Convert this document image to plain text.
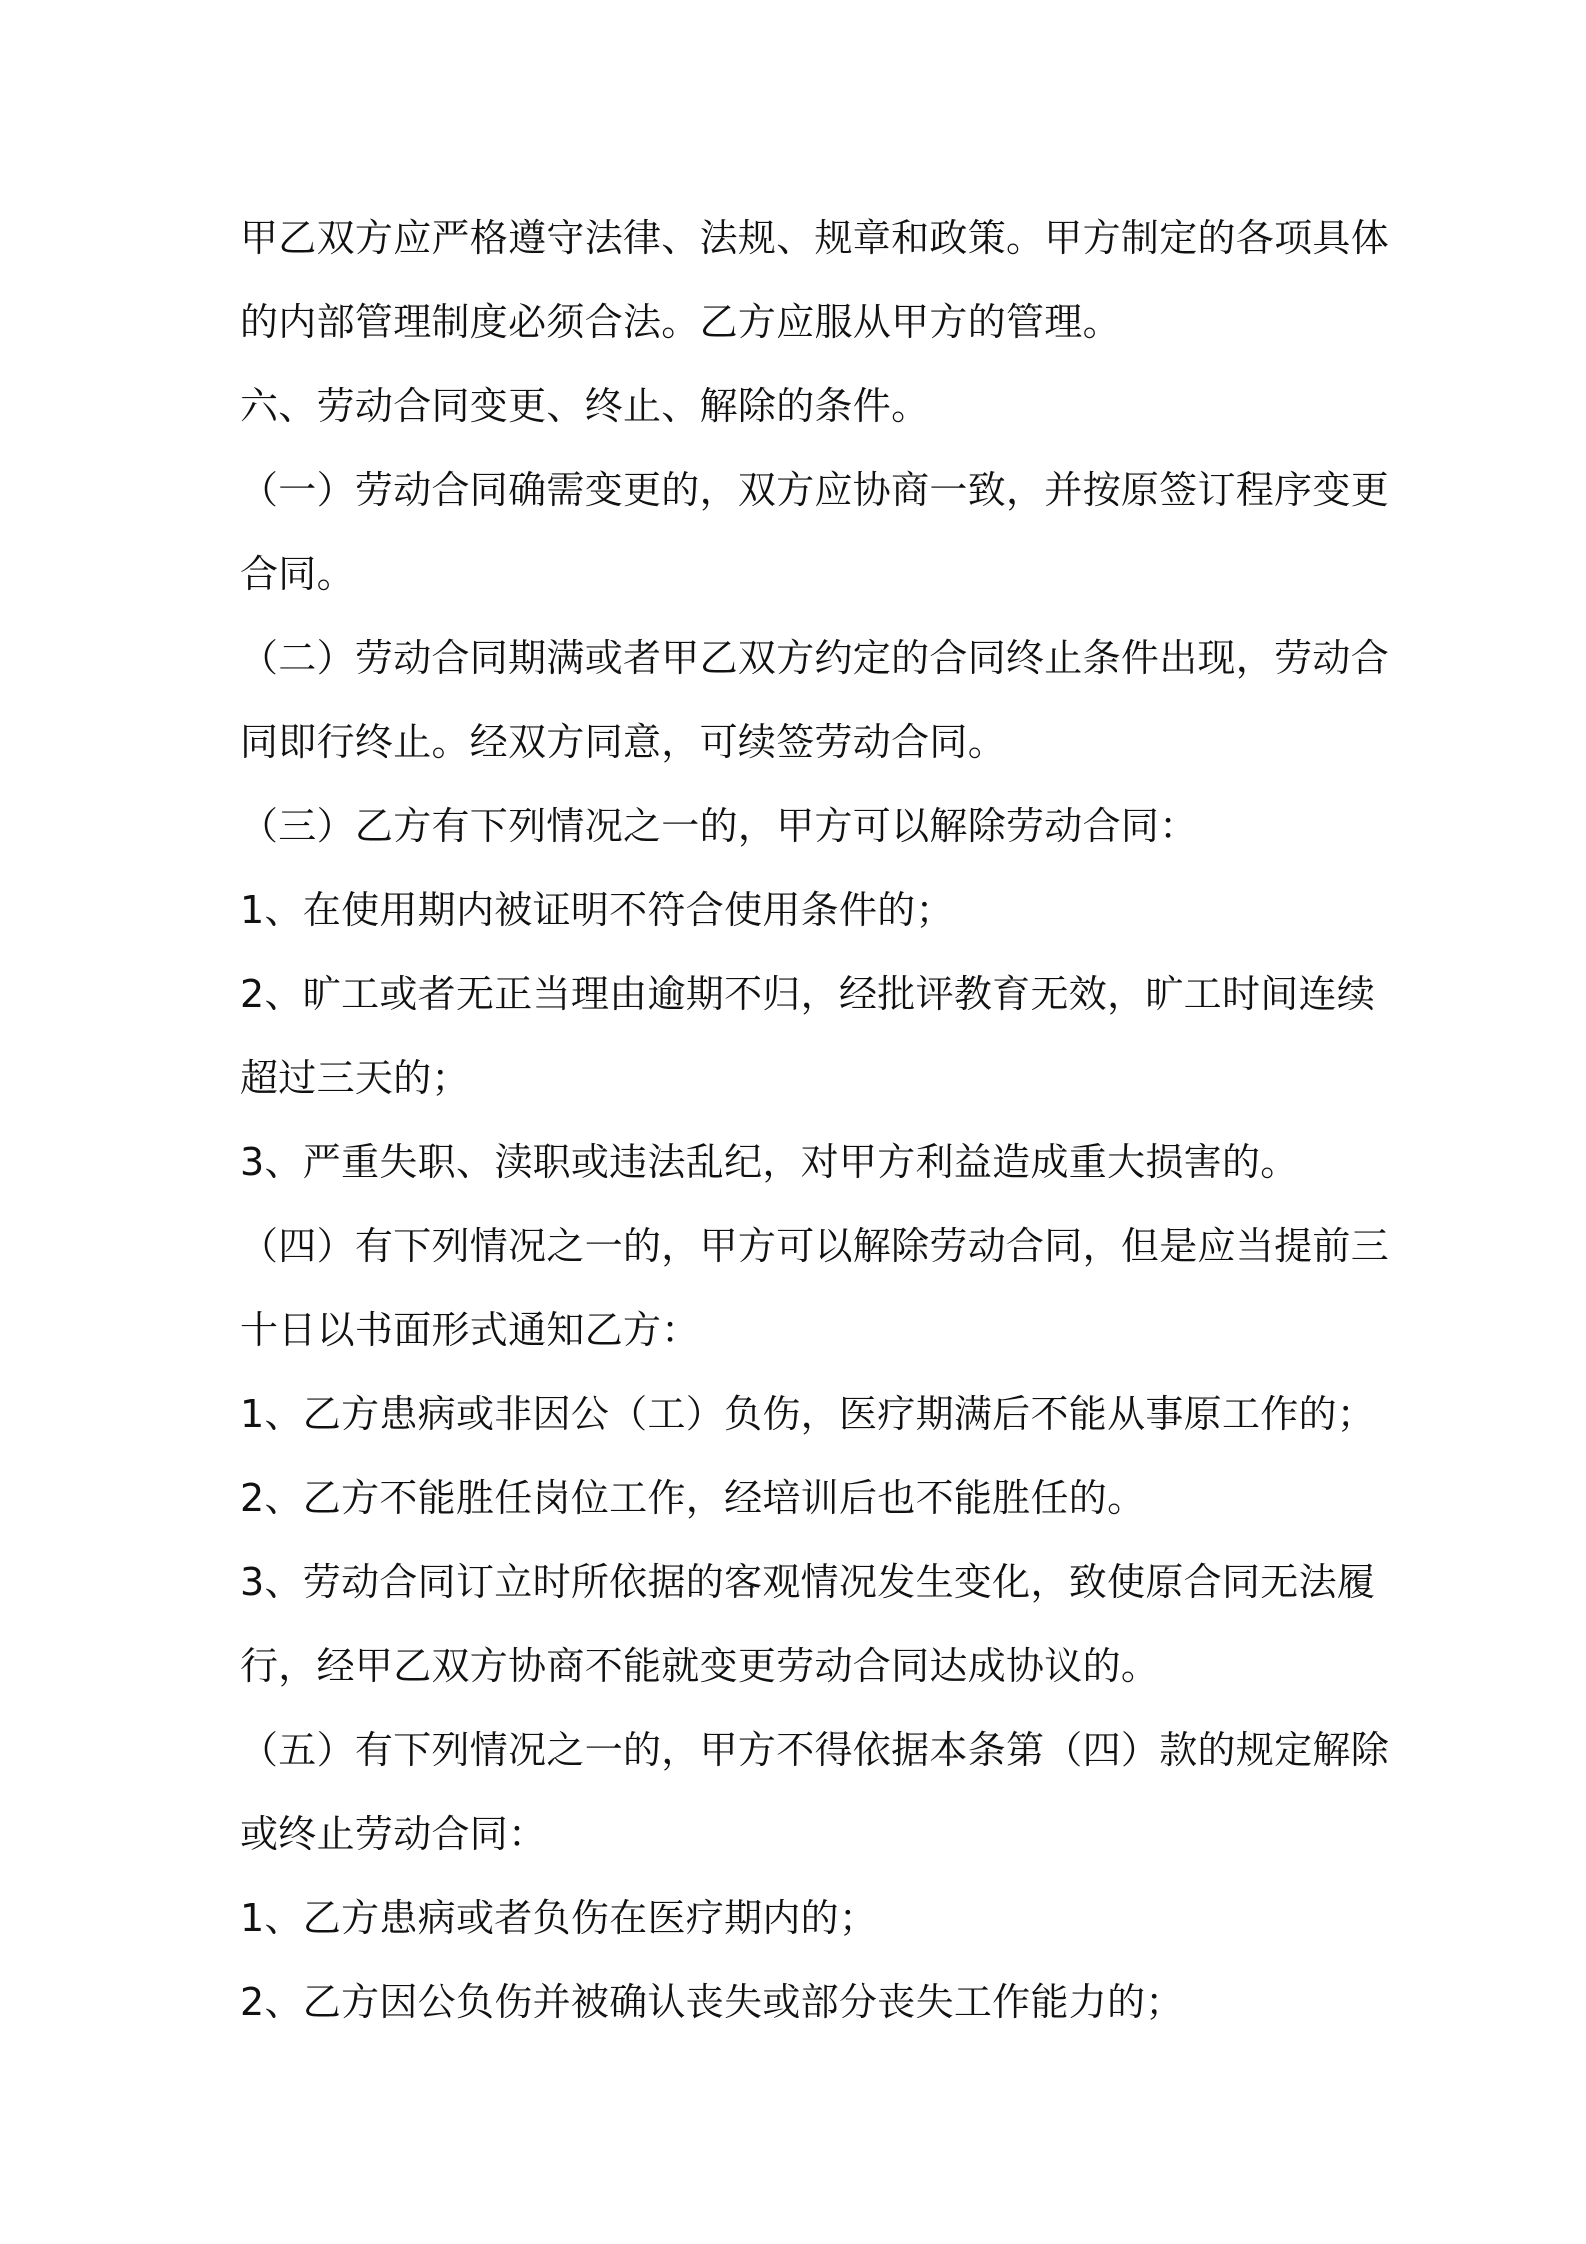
甲乙双方应严格遵守法律、法规、规章和政策。甲方制定的各项具体
的内部管理制度必须合法。乙方应服从甲方的管理。
六、劳动合同变更、终止、解除的条件。
（一）劳动合同确需变更的，双方应协商一致，并按原签订程序变更
合同。
（二）劳动合同期满或者甲乙双方约定的合同终止条件出现，劳动合
同即行终止。经双方同意，可续签劳动合同。
（三）乙方有下列情况之一的，甲方可以解除劳动合同：
1、在使用期内被证明不符合使用条件的；
2、旷工或者无正当理由逾期不归，经批评教育无效，旷工时间连续
超过三天的；
3、严重失职、渎职或违法乱纪，对甲方利益造成重大损害的。
（四）有下列情况之一的，甲方可以解除劳动合同，但是应当提前三
十日以书面形式通知乙方：
1、乙方患病或非因公（工）负伤，医疗期满后不能从事原工作的；
2、乙方不能胜任岗位工作，经培训后也不能胜任的。
3、劳动合同订立时所依据的客观情况发生变化，致使原合同无法履
行，经甲乙双方协商不能就变更劳动合同达成协议的。
（五）有下列情况之一的，甲方不得依据本条第（四）款的规定解除
或终止劳动合同：
1、乙方患病或者负伤在医疗期内的；
2、乙方因公负伤并被确认丧失或部分丧失工作能力的；
